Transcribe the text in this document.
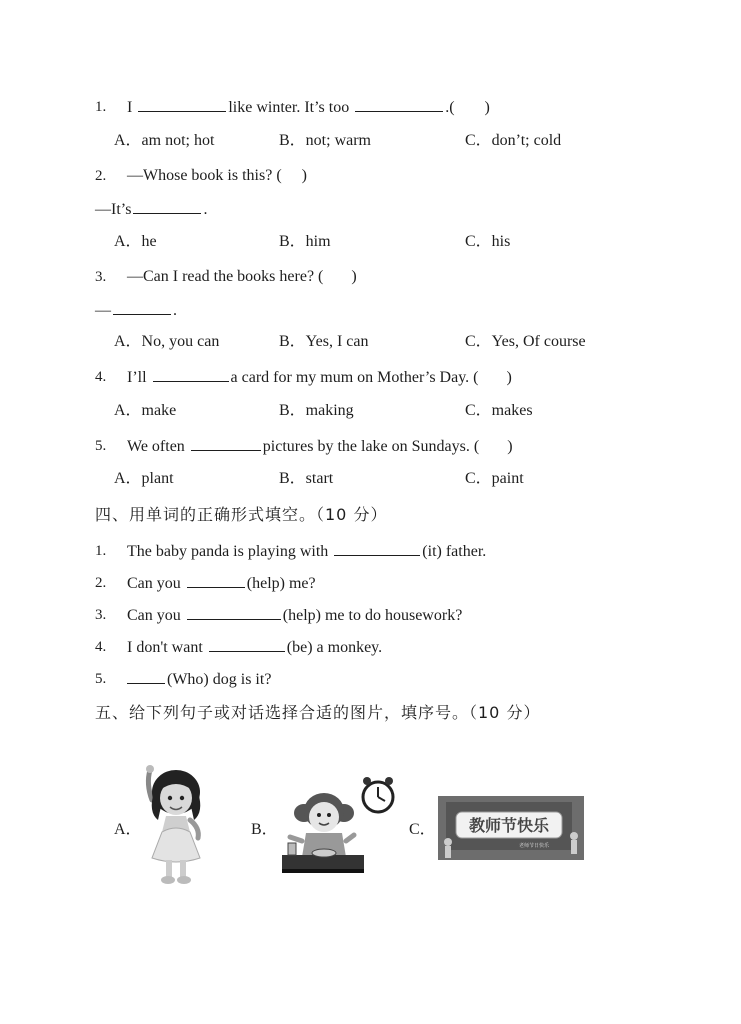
1. I	like winter. It’s too	.( )
A．am not; hot	B．not; warm	C．don’t; cold
2. —Whose book is this? ( )
—It’s	.
A．he	B．him	C．his
3. —Can I read the books here? ( )
—	.
A．No, you can	B．Yes, I can	C．Yes, Of course
4. I’ll	a card for my mum on Mother’s Day. ( )
A．make	B．making	C．makes
5. We often	pictures by the lake on Sundays. ( )
A．plant	B．start	C．paint
四、用单词的正确形式填空。（10 分）
1. The baby panda is playing with	(it) father.
2. Can you	(help) me?
3. Can you	(help) me to do housework?
4. I don't want	(be) a monkey.
5.	(Who) dog is it?
五、给下列句子或对话选择合适的图片，填序号。（10 分）
A．	B．	C． 教师节快乐
老师节日快乐
